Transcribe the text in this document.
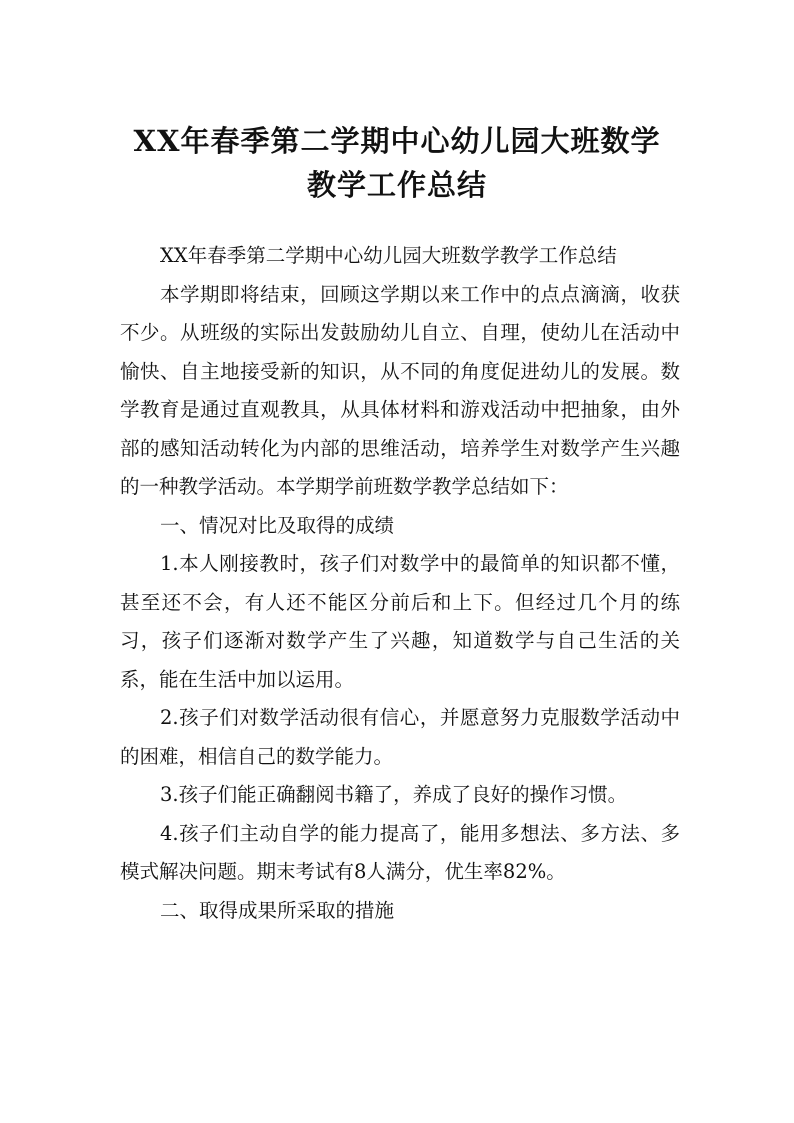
XX年春季第二学期中心幼儿园大班数学
教学工作总结

XX年春季第二学期中心幼儿园大班数学教学工作总结

本学期即将结束，回顾这学期以来工作中的点点滴滴，收获不少。从班级的实际出发鼓励幼儿自立、自理，使幼儿在活动中愉快、自主地接受新的知识，从不同的角度促进幼儿的发展。数学教育是通过直观教具，从具体材料和游戏活动中把抽象，由外部的感知活动转化为内部的思维活动，培养学生对数学产生兴趣的一种教学活动。本学期学前班数学教学总结如下：

一、情况对比及取得的成绩

1.本人刚接教时，孩子们对数学中的最简单的知识都不懂，甚至还不会，有人还不能区分前后和上下。但经过几个月的练习，孩子们逐渐对数学产生了兴趣，知道数学与自己生活的关系，能在生活中加以运用。

2.孩子们对数学活动很有信心，并愿意努力克服数学活动中的困难，相信自己的数学能力。

3.孩子们能正确翻阅书籍了，养成了良好的操作习惯。

4.孩子们主动自学的能力提高了，能用多想法、多方法、多模式解决问题。期末考试有8人满分，优生率82%。

二、取得成果所采取的措施
